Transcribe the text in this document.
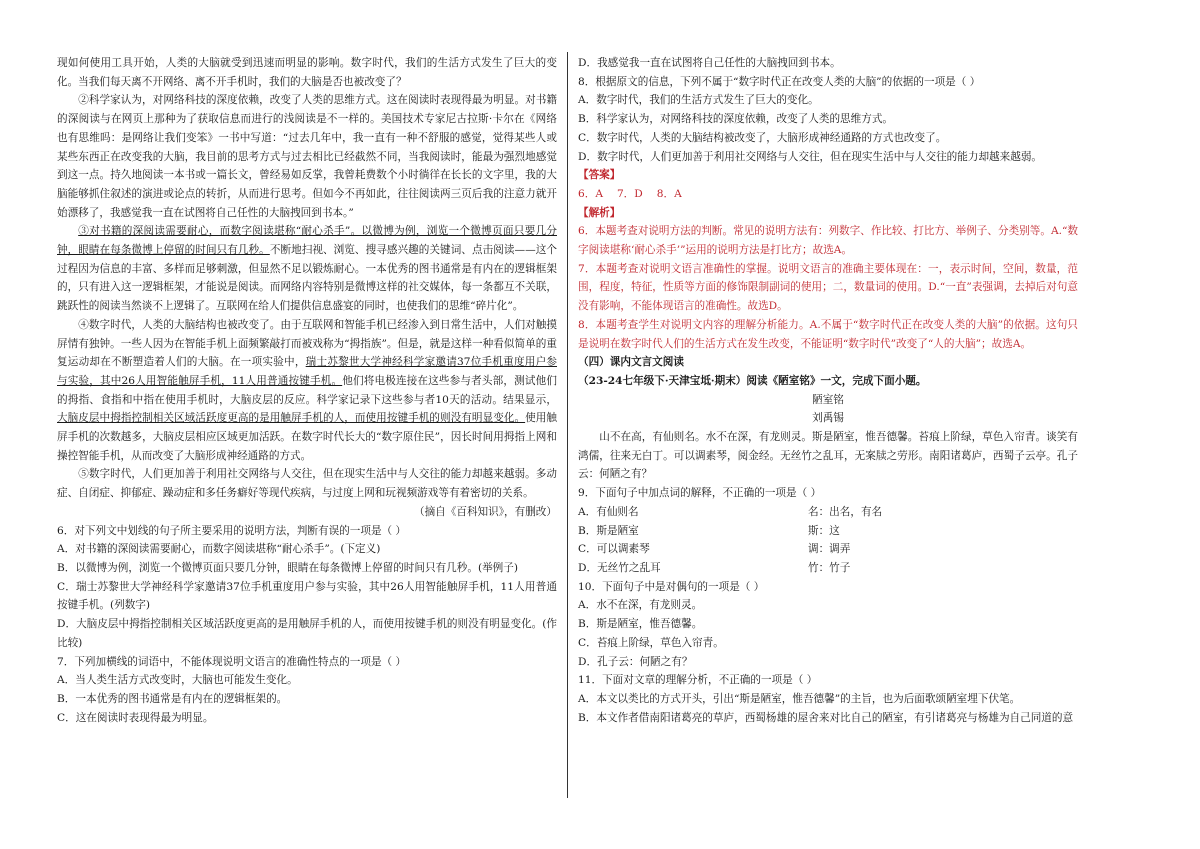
现如何使用工具开始，人类的大脑就受到迅速而明显的影响。数字时代，我们的生活方式发生了巨大的变化。当我们每天离不开网络、离不开手机时，我们的大脑是否也被改变了？

②科学家认为，对网络科技的深度依赖，改变了人类的思维方式。这在阅读时表现得最为明显。对书籍的深阅读与在网页上那种为了获取信息而进行的浅阅读是不一样的。美国技术专家尼古拉斯·卡尔在《网络也有思维吗：是网络让我们变笨》一书中写道：“过去几年中，我一直有一种不舒服的感觉，觉得某些人或某些东西正在改变我的大脑，我目前的思考方式与过去相比已经截然不同，当我阅读时，能最为强烈地感觉到这一点。持久地阅读一本书或一篇长文，曾经易如反掌，我曾耗费数个小时徜徉在长长的文字里，我的大脑能够抓住叙述的演进或论点的转折，从而进行思考。但如今不再如此，往往阅读两三页后我的注意力就开始漂移了，我感觉我一直在试图将自己任性的大脑拽回到书本。”

③对书籍的深阅读需要耐心，而数字阅读堪称“耐心杀手”。以微博为例，浏览一个微博页面只要几分钟，眼睛在每条微博上停留的时间只有几秒。不断地扫视、浏览、搜寻感兴趣的关键词、点击阅读——这个过程因为信息的丰富、多样而足够刺激，但显然不足以锻炼耐心。一本优秀的图书通常是有内在的逻辑框架的，只有进入这一逻辑框架，才能说是阅读。而网络内容特别是微博这样的社交媒体，每一条都互不关联，跳跃性的阅读当然谈不上逻辑了。互联网在给人们提供信息盛宴的同时，也使我们的思维“碎片化”。

④数字时代，人类的大脑结构也被改变了。由于互联网和智能手机已经渗入到日常生活中，人们对触摸屏情有独钟。一些人因为在智能手机上面频繁敲打而被戏称为“拇指族”。但是，就是这样一种看似简单的重复运动却在不断塑造着人们的大脑。在一项实验中，瑞士苏黎世大学神经科学家邀请37位手机重度用户参与实验，其中26人用智能触屏手机，11人用普通按键手机。他们将电极连接在这些参与者头部，测试他们的拇指、食指和中指在使用手机时，大脑皮层的反应。科学家记录下这些参与者10天的活动。结果显示，大脑皮层中拇指控制相关区域活跃度更高的是用触屏手机的人，而使用按键手机的则没有明显变化。使用触屏手机的次数越多，大脑皮层相应区域更加活跃。在数字时代长大的“数字原住民”，因长时间用拇指上网和操控智能手机，从而改变了大脑形成神经通路的方式。

⑤数字时代，人们更加善于利用社交网络与人交往，但在现实生活中与人交往的能力却越来越弱。多动症、自闭症、抑郁症、躁动症和多任务癖好等现代疾病，与过度上网和玩视频游戏等有着密切的关系。

（摘自《百科知识》，有删改）

6．对下列文中划线的句子所主要采用的说明方法，判断有误的一项是（ ）

A．对书籍的深阅读需要耐心，而数字阅读堪称“耐心杀手”。(下定义)

B．以微博为例，浏览一个微博页面只要几分钟，眼睛在每条微博上停留的时间只有几秒。(举例子)

C．瑞士苏黎世大学神经科学家邀请37位手机重度用户参与实验，其中26人用智能触屏手机，11人用普通按键手机。(列数字)

D．大脑皮层中拇指控制相关区域活跃度更高的是用触屏手机的人，而使用按键手机的则没有明显变化。(作比较)

7．下列加横线的词语中，不能体现说明文语言的准确性特点的一项是（ ）

A．当人类生活方式改变时，大脑也可能发生变化。

B．一本优秀的图书通常是有内在的逻辑框架的。

C．这在阅读时表现得最为明显。

D．我感觉我一直在试图将自己任性的大脑拽回到书本。

8．根据原文的信息，下列不属于“数字时代正在改变人类的大脑”的依据的一项是（ ）

A．数字时代，我们的生活方式发生了巨大的变化。

B．科学家认为，对网络科技的深度依赖，改变了人类的思维方式。

C．数字时代，人类的大脑结构被改变了，大脑形成神经通路的方式也改变了。

D．数字时代，人们更加善于利用社交网络与人交往，但在现实生活中与人交往的能力却越来越弱。

【答案】

6．A　 7．D　 8．A

【解析】

6．本题考查对说明方法的判断。常见的说明方法有：列数字、作比较、打比方、举例子、分类别等。A.“数字阅读堪称‘耐心杀手’”运用的说明方法是打比方；故选A。

7．本题考查对说明文语言准确性的掌握。说明文语言的准确主要体现在：一，表示时间，空间，数量，范围，程度，特征，性质等方面的修饰限制副词的使用；二，数量词的使用。D.“一直”表强调，去掉后对句意没有影响，不能体现语言的准确性。故选D。

8．本题考查学生对说明文内容的理解分析能力。A.不属于“数字时代正在改变人类的大脑”的依据。这句只是说明在数字时代人们的生活方式在发生改变，不能证明“数字时代”改变了“人的大脑”；故选A。

（四）课内文言文阅读

（23-24七年级下·天津宝坻·期末）阅读《陋室铭》一文，完成下面小题。

陋室铭

刘禹锡

山不在高，有仙则名。水不在深，有龙则灵。斯是陋室，惟吾德馨。苔痕上阶绿，草色入帘青。谈笑有鸿儒，往来无白丁。可以调素琴，阅金经。无丝竹之乱耳，无案牍之劳形。南阳诸葛庐，西蜀子云亭。孔子云：何陋之有？

9．下面句子中加点词的解释，不正确的一项是（ ）

A．有仙则名	名：出名，有名
B．斯是陋室	斯：这
C．可以调素琴	调：调弄
D．无丝竹之乱耳	竹：竹子

10．下面句子中是对偶句的一项是（ ）

A．水不在深，有龙则灵。

B．斯是陋室，惟吾德馨。

C．苔痕上阶绿，草色入帘青。

D．孔子云：何陋之有？

11．下面对文章的理解分析，不正确的一项是（ ）

A．本文以类比的方式开头，引出“斯是陋室，惟吾德馨”的主旨，也为后面歌颂陋室埋下伏笔。

B．本文作者借南阳诸葛亮的草庐，西蜀杨雄的屋舍来对比自己的陋室，有引诸葛亮与杨雄为自己同道的意
